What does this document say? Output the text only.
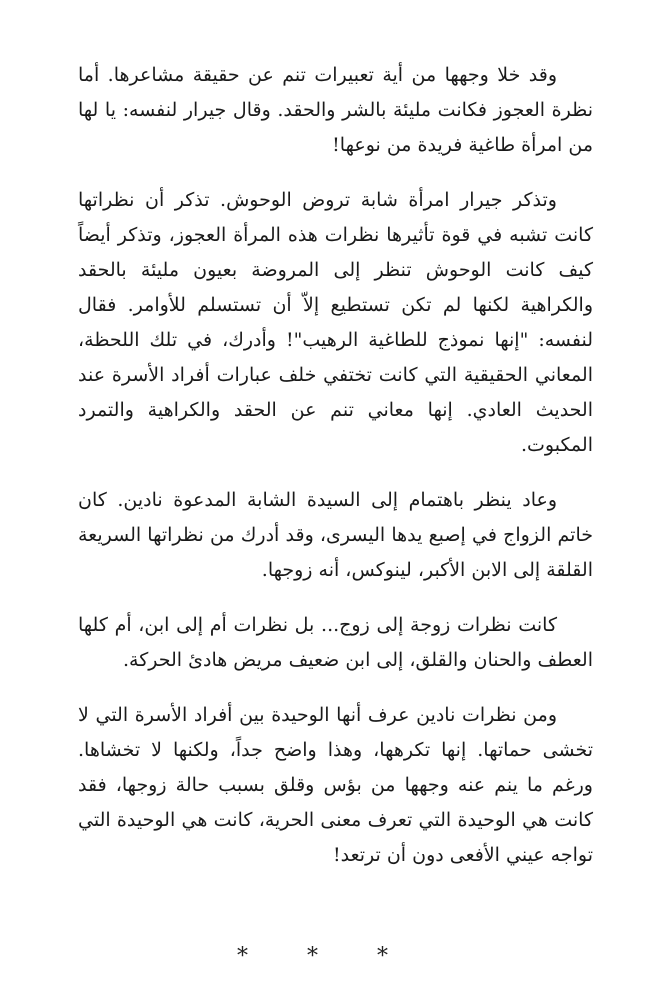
وقد خلا وجهها من أية تعبيرات تنم عن حقيقة مشاعرها. أما نظرة العجوز فكانت مليئة بالشر والحقد. وقال جيرار لنفسه: يا لها من امرأة طاغية فريدة من نوعها!

وتذكر جيرار امرأة شابة تروض الوحوش. تذكر أن نظراتها كانت تشبه في قوة تأثيرها نظرات هذه المرأة العجوز، وتذكر أيضاً كيف كانت الوحوش تنظر إلى المروضة بعيون مليئة بالحقد والكراهية لكنها لم تكن تستطيع إلاّ أن تستسلم للأوامر. فقال لنفسه: "إنها نموذج للطاغية الرهيب"! وأدرك، في تلك اللحظة، المعاني الحقيقية التي كانت تختفي خلف عبارات أفراد الأسرة عند الحديث العادي. إنها معاني تنم عن الحقد والكراهية والتمرد المكبوت.

وعاد ينظر باهتمام إلى السيدة الشابة المدعوة نادين. كان خاتم الزواج في إصبع يدها اليسرى، وقد أدرك من نظراتها السريعة القلقة إلى الابن الأكبر، لينوكس، أنه زوجها.

كانت نظرات زوجة إلى زوج... بل نظرات أم إلى ابن، أم كلها العطف والحنان والقلق، إلى ابن ضعيف مريض هادئ الحركة.

ومن نظرات نادين عرف أنها الوحيدة بين أفراد الأسرة التي لا تخشى حماتها. إنها تكرهها، وهذا واضح جداً، ولكنها لا تخشاها. ورغم ما ينم عنه وجهها من بؤس وقلق بسبب حالة زوجها، فقد كانت هي الوحيدة التي تعرف معنى الحرية، كانت هي الوحيدة التي تواجه عيني الأفعى دون أن ترتعد!

* * *
